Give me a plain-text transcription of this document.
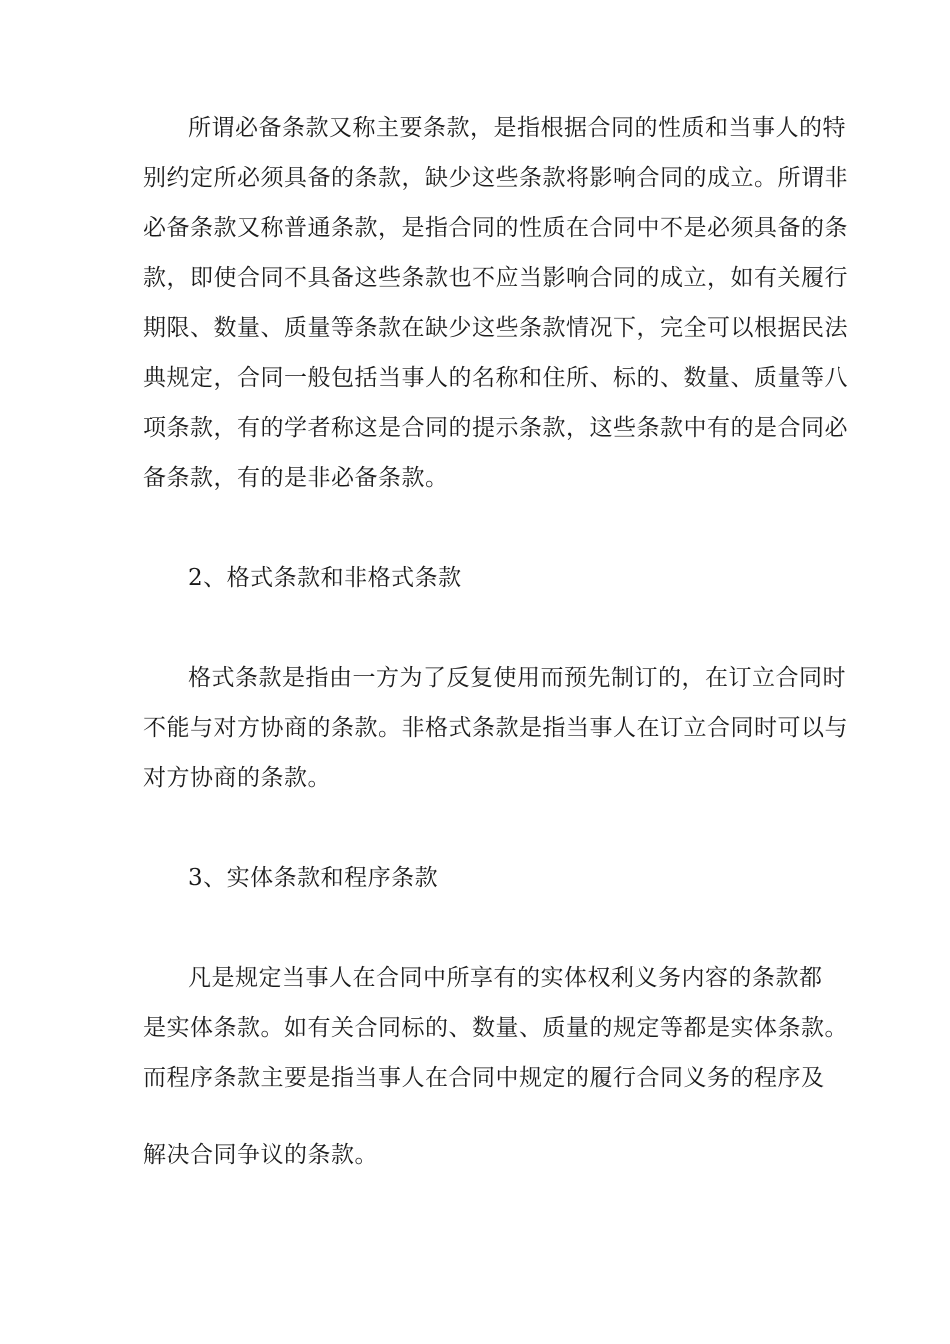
所谓必备条款又称主要条款，是指根据合同的性质和当事人的特
别约定所必须具备的条款，缺少这些条款将影响合同的成立。所谓非
必备条款又称普通条款，是指合同的性质在合同中不是必须具备的条
款，即使合同不具备这些条款也不应当影响合同的成立，如有关履行
期限、数量、质量等条款在缺少这些条款情况下，完全可以根据民法
典规定，合同一般包括当事人的名称和住所、标的、数量、质量等八
项条款，有的学者称这是合同的提示条款，这些条款中有的是合同必
备条款，有的是非必备条款。
2、格式条款和非格式条款
格式条款是指由一方为了反复使用而预先制订的，在订立合同时
不能与对方协商的条款。非格式条款是指当事人在订立合同时可以与
对方协商的条款。
3、实体条款和程序条款
凡是规定当事人在合同中所享有的实体权利义务内容的条款都
是实体条款。如有关合同标的、数量、质量的规定等都是实体条款。
而程序条款主要是指当事人在合同中规定的履行合同义务的程序及
解决合同争议的条款。
